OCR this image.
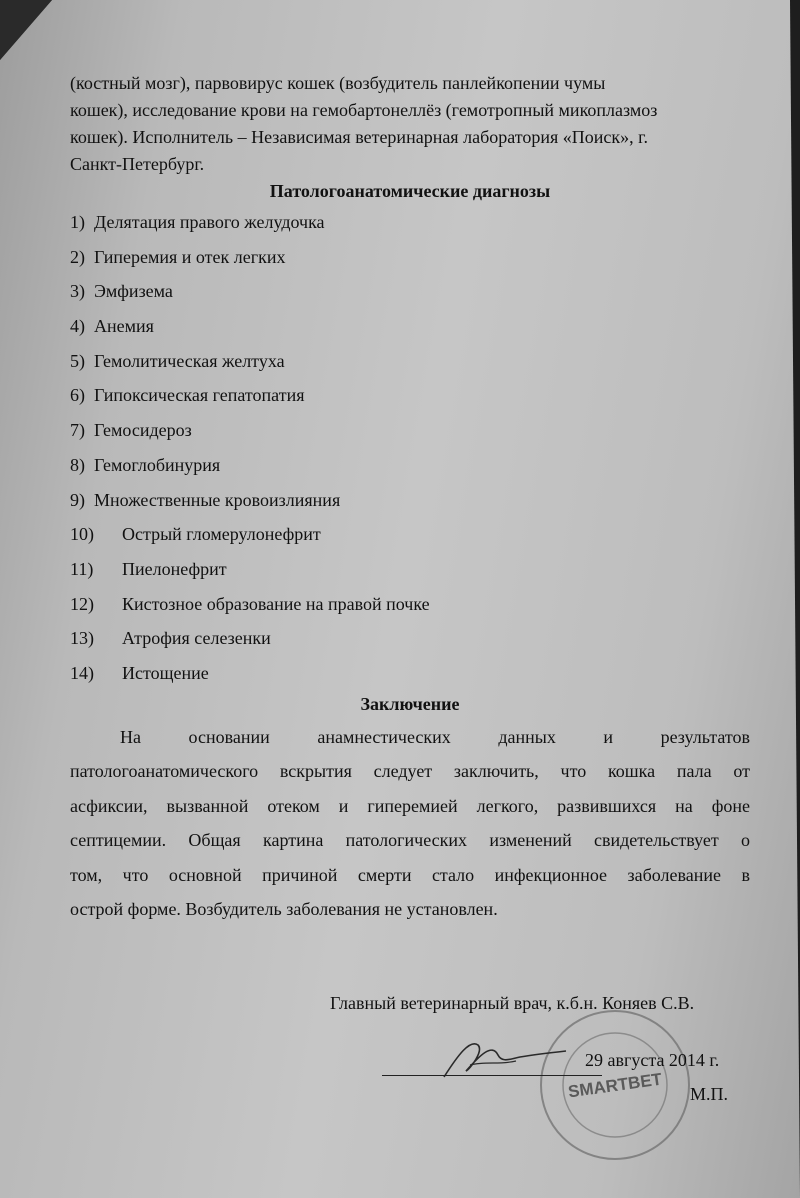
(костный мозг), парвовирус кошек (возбудитель панлейкопении чумы

кошек), исследование крови на гемобартонеллёз (гемотропный микоплазмоз

кошек). Исполнитель – Независимая ветеринарная лаборатория «Поиск», г.

Санкт-Петербург.

Патологоанатомические диагнозы

1) Делятация правого желудочка
2) Гиперемия и отек легких
3) Эмфизема
4) Анемия
5) Гемолитическая желтуха
6) Гипоксическая гепатопатия
7) Гемосидероз
8) Гемоглобинурия
9) Множественные кровоизлияния
10) Острый гломерулонефрит
11) Пиелонефрит
12) Кистозное образование на правой почке
13) Атрофия селезенки
14) Истощение

Заключение

На основании анамнестических данных и результатов

патологоанатомического вскрытия следует заключить, что кошка пала от

асфиксии, вызванной отеком и гиперемией легкого, развившихся на фоне

септицемии. Общая картина патологических изменений свидетельствует о

том, что основной причиной смерти стало инфекционное заболевание в

острой форме. Возбудитель заболевания не установлен.

SMARTBET
Главный ветеринарный врач, к.б.н. Коняев С.В.
29 августа 2014 г.
М.П.
